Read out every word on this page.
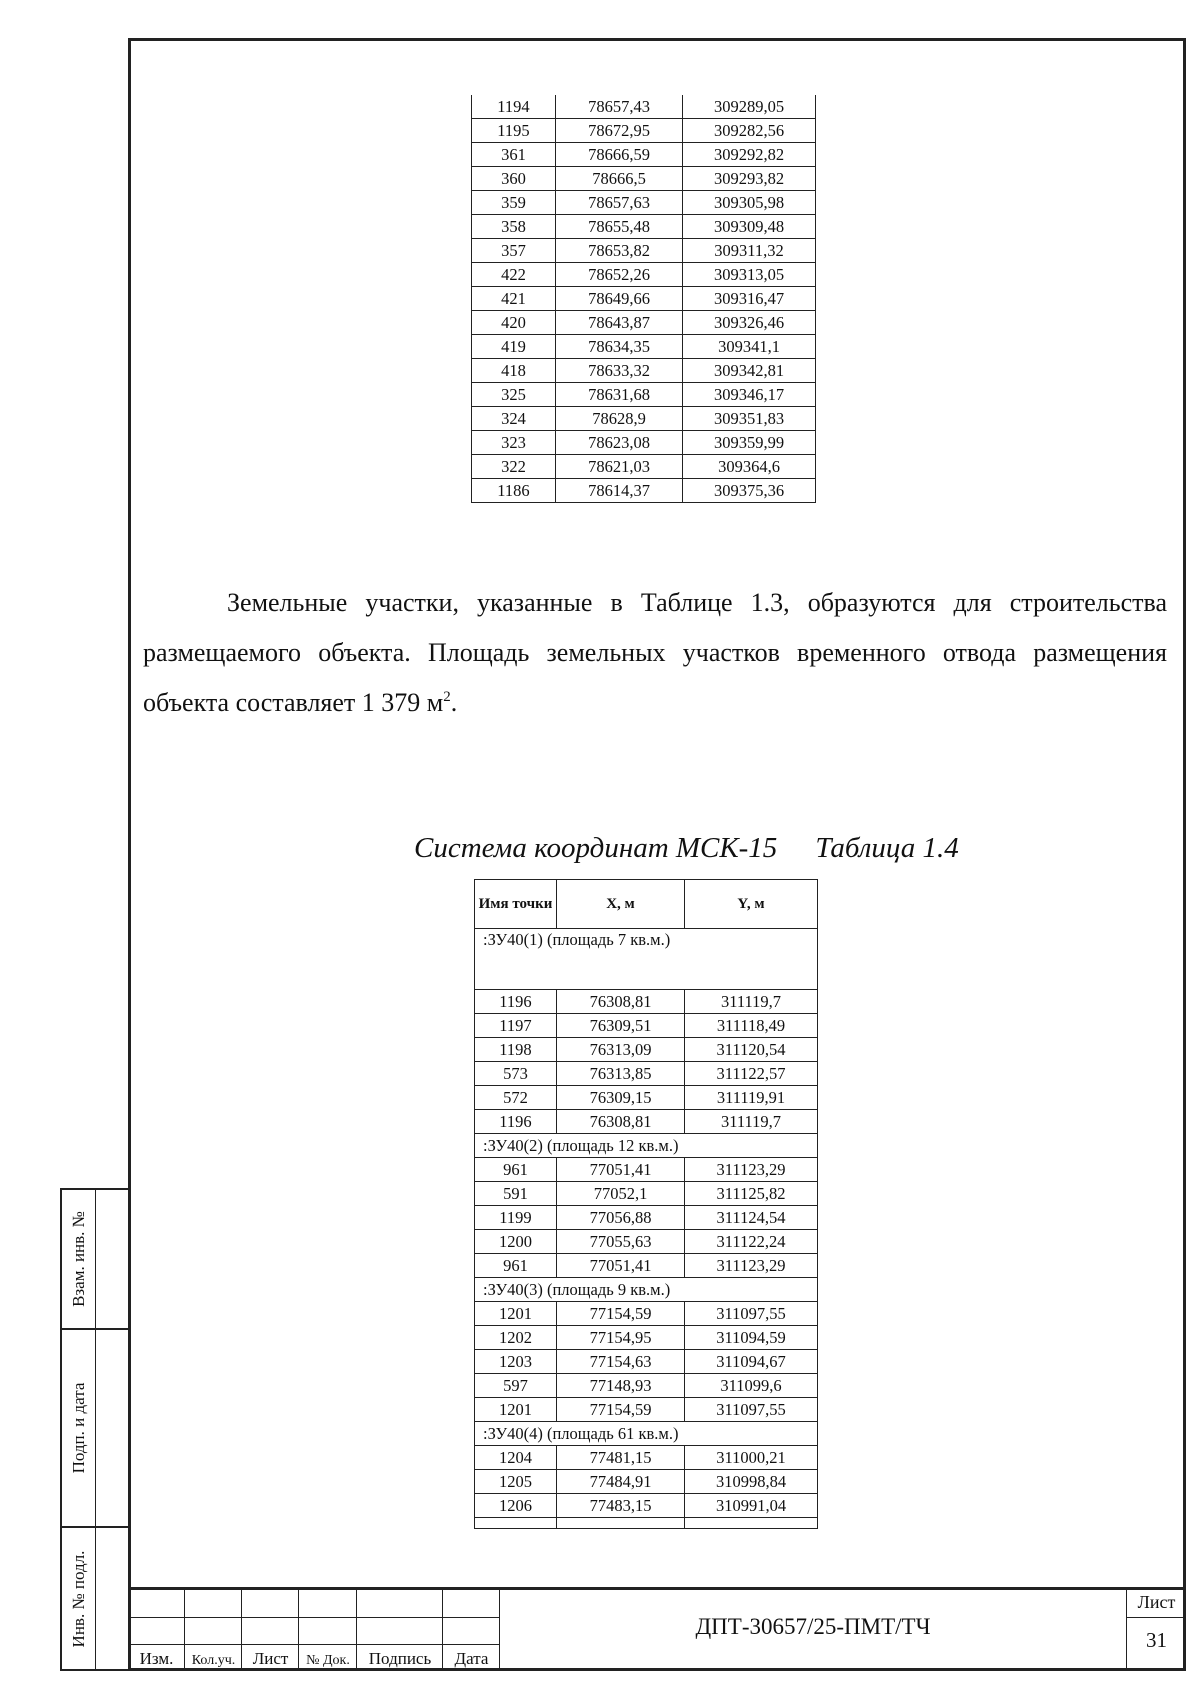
1194	78657,43	309289,05
1195	78672,95	309282,56
361	78666,59	309292,82
360	78666,5	309293,82
359	78657,63	309305,98
358	78655,48	309309,48
357	78653,82	309311,32
422	78652,26	309313,05
421	78649,66	309316,47
420	78643,87	309326,46
419	78634,35	309341,1
418	78633,32	309342,81
325	78631,68	309346,17
324	78628,9	309351,83
323	78623,08	309359,99
322	78621,03	309364,6
1186	78614,37	309375,36
Земельные участки, указанные в Таблице 1.3, образуются для строительства размещаемого объекта. Площадь земельных участков временного отвода размещения объекта составляет 1 379 $м^2$.
Система координат МСК-15 Таблица 1.4
Имя точки	X, м	Y, м
:ЗУ40(1) (площадь 7 кв.м.)		
1196	76308,81	311119,7
1197	76309,51	311118,49
1198	76313,09	311120,54
573	76313,85	311122,57
572	76309,15	311119,91
1196	76308,81	311119,7
:ЗУ40(2) (площадь 12 кв.м.)		
961	77051,41	311123,29
591	77052,1	311125,82
1199	77056,88	311124,54
1200	77055,63	311122,24
961	77051,41	311123,29
:ЗУ40(3) (площадь 9 кв.м.)		
1201	77154,59	311097,55
1202	77154,95	311094,59
1203	77154,63	311094,67
597	77148,93	311099,6
1201	77154,59	311097,55
:ЗУ40(4) (площадь 61 кв.м.)		
1204	77481,15	311000,21
1205	77484,91	310998,84
1206	77483,15	310991,04

Взам. инв. №
Подп. и дата
Инв. № подл.
Изм.	Кол.уч.	Лист	№ Док.	Подпись	Дата
ДПТ-30657/25-ПМТ/ТЧ
Лист
31
